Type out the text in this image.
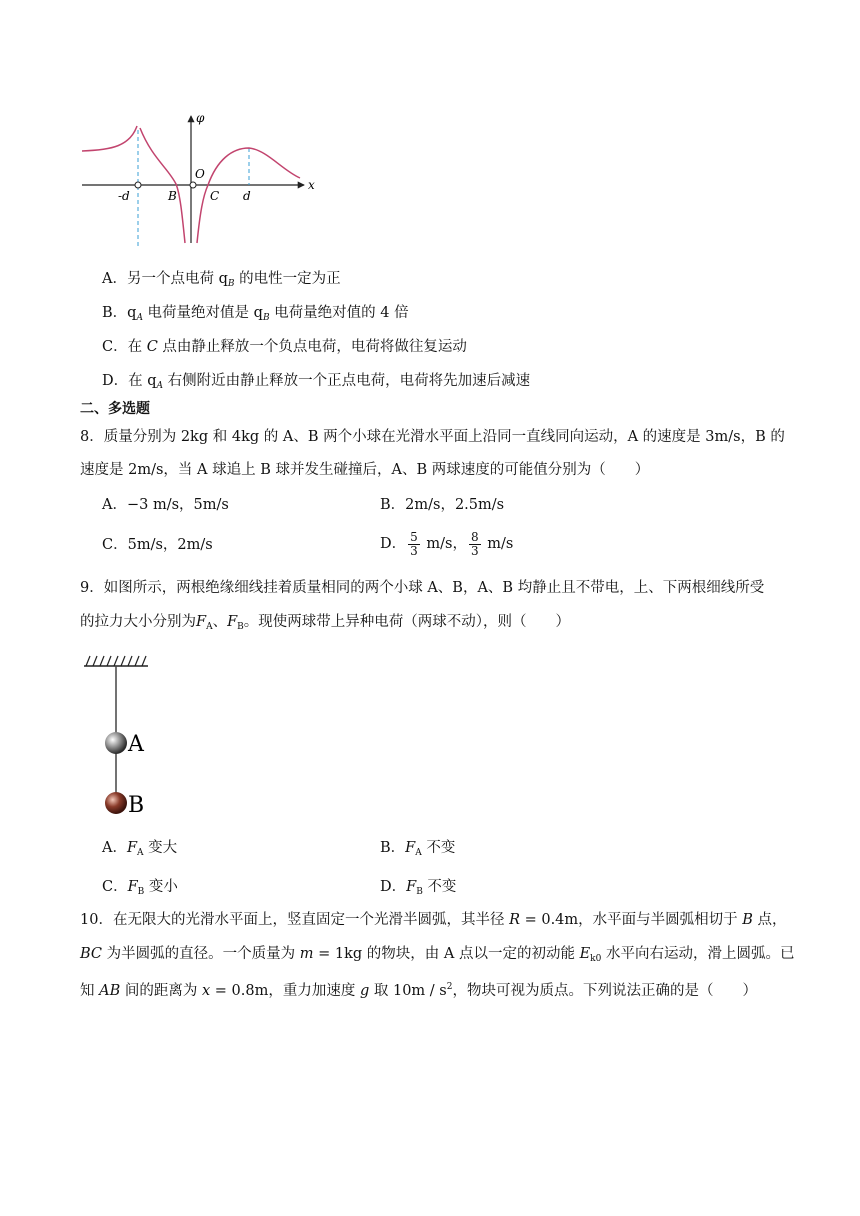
φ
x
-d	B
O
C d
A．另一个点电荷 $q_B$ 的电性一定为正
B．$q_A$ 电荷量绝对值是 $q_B$ 电荷量绝对值的 4 倍
C．在 C 点由静止释放一个负点电荷，电荷将做往复运动
D．在 $q_A$ 右侧附近由静止释放一个正点电荷，电荷将先加速后减速
二、多选题
8．质量分别为 2kg 和 4kg 的 A、B 两个小球在光滑水平面上沿同一直线同向运动，A 的速度是 3m/s，B 的
速度是 2m/s，当 A 球追上 B 球并发生碰撞后，A、B 两球速度的可能值分别为（　　）
A．−3 m/s，5m/s	B．2m/s，2.5m/s
C．5m/s，2m/s	D． $\frac{5}{3} m/s$， $\frac{8}{3} m/s$
9．如图所示，两根绝缘细线挂着质量相同的两个小球 A、B，A、B 均静止且不带电，上、下两根细线所受
的拉力大小分别为$F_A$、$F_B$。现使两球带上异种电荷（两球不动），则（　　）
A
B
A．$F_A$ 变大	B．$F_A$ 不变
C．$F_B$ 变小	D．$F_B$ 不变
10．在无限大的光滑水平面上，竖直固定一个光滑半圆弧，其半径 R = 0.4m，水平面与半圆弧相切于 B 点，
BC 为半圆弧的直径。一个质量为 m = 1kg 的物块，由 A 点以一定的初动能 $E_{k0}$ 水平向右运动，滑上圆弧。已
知 AB 间的距离为 x = 0.8m，重力加速度 g 取 $10m / s^2$，物块可视为质点。下列说法正确的是（　　）
